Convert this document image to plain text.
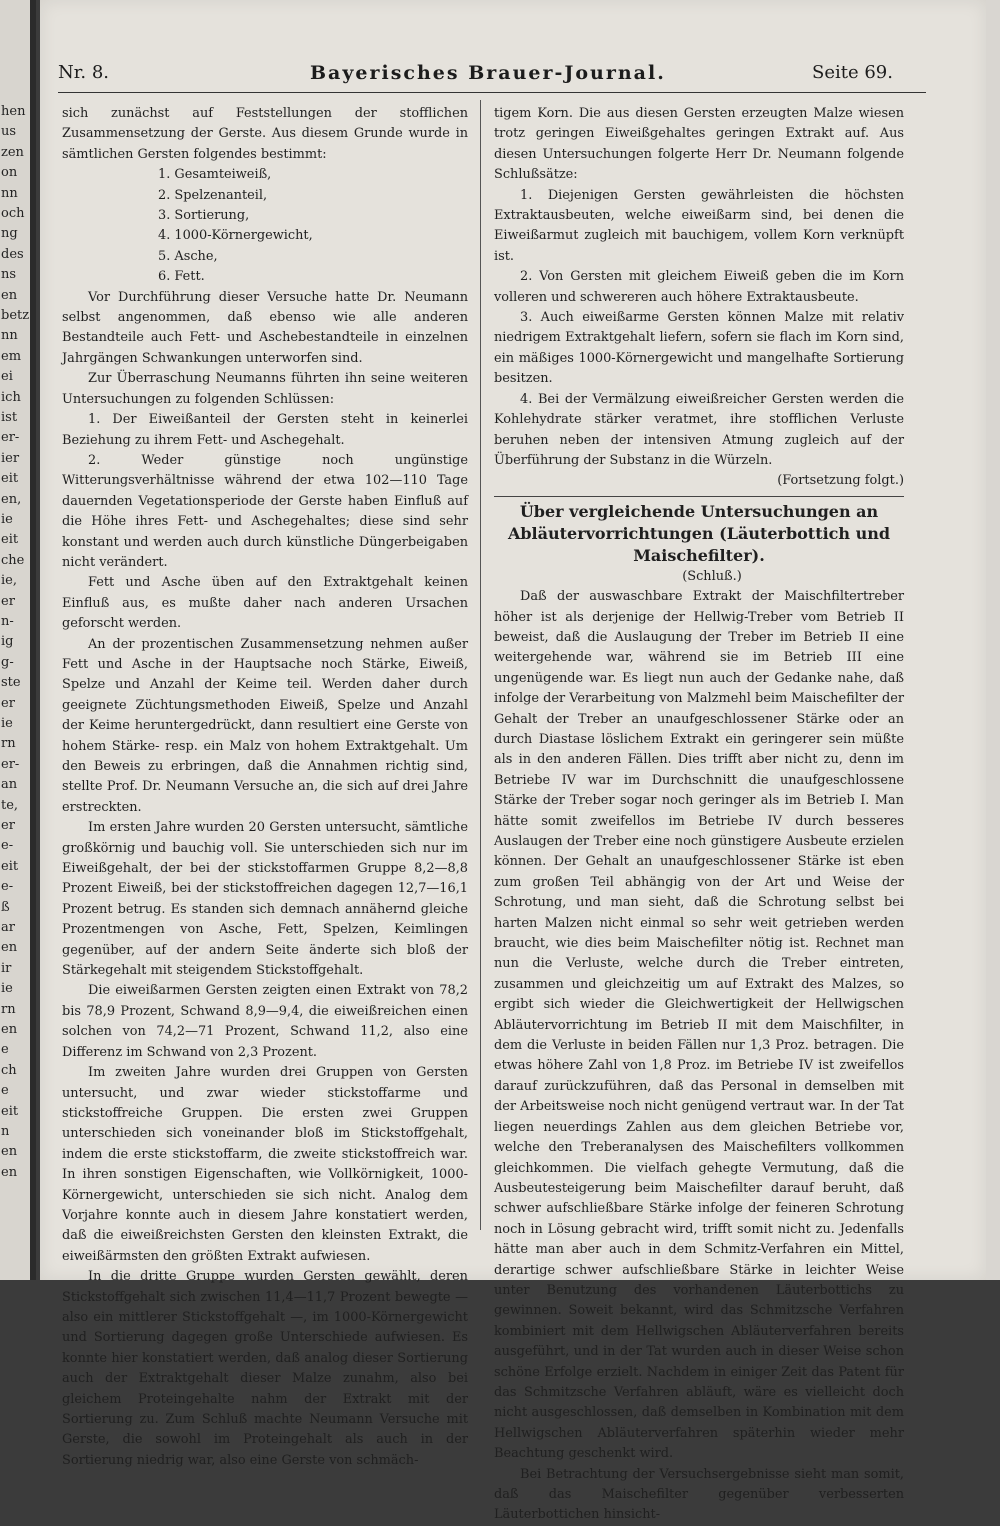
hen
us
zen
on
nn
och
ng
des
ns
en
betz
nn
em
ei
ich
ist
er-
ier
eit
en,
ie
eit
che
ie,
er
n-
ig
g-
ste
er
ie
rn
er-
an
te,
er
e-
eit
e-
ß
ar
en
ir
ie
rn
en
e
ch
e
eit
n
en
en
Nr. 8.	Bayerisches Brauer-Journal.	Seite 69.

sich zunächst auf Feststellungen der stofflichen Zusammensetzung der Gerste. Aus diesem Grunde wurde in sämtlichen Gersten folgendes bestimmt:

1. Gesamteiweiß,

2. Spelzenanteil,

3. Sortierung,

4. 1000-Körnergewicht,

5. Asche,

6. Fett.

Vor Durchführung dieser Versuche hatte Dr. Neumann selbst angenommen, daß ebenso wie alle anderen Bestandteile auch Fett- und Aschebestandteile in einzelnen Jahrgängen Schwankungen unterworfen sind.

Zur Überraschung Neumanns führten ihn seine weiteren Untersuchungen zu folgenden Schlüssen:

1. Der Eiweißanteil der Gersten steht in keinerlei Beziehung zu ihrem Fett- und Aschegehalt.

2. Weder günstige noch ungünstige Witterungsverhältnisse während der etwa 102—110 Tage dauernden Vegetationsperiode der Gerste haben Einfluß auf die Höhe ihres Fett- und Aschegehaltes; diese sind sehr konstant und werden auch durch künstliche Düngerbeigaben nicht verändert.

Fett und Asche üben auf den Extraktgehalt keinen Einfluß aus, es mußte daher nach anderen Ursachen geforscht werden.

An der prozentischen Zusammensetzung nehmen außer Fett und Asche in der Hauptsache noch Stärke, Eiweiß, Spelze und Anzahl der Keime teil. Werden daher durch geeignete Züchtungsmethoden Eiweiß, Spelze und Anzahl der Keime heruntergedrückt, dann resultiert eine Gerste von hohem Stärke- resp. ein Malz von hohem Extraktgehalt. Um den Beweis zu erbringen, daß die Annahmen richtig sind, stellte Prof. Dr. Neumann Versuche an, die sich auf drei Jahre erstreckten.

Im ersten Jahre wurden 20 Gersten untersucht, sämtliche großkörnig und bauchig voll. Sie unterschieden sich nur im Eiweißgehalt, der bei der stickstoffarmen Gruppe 8,2—8,8 Prozent Eiweiß, bei der stickstoffreichen dagegen 12,7—16,1 Prozent betrug. Es standen sich demnach annähernd gleiche Prozentmengen von Asche, Fett, Spelzen, Keimlingen gegenüber, auf der andern Seite änderte sich bloß der Stärkegehalt mit steigendem Stickstoffgehalt.

Die eiweißarmen Gersten zeigten einen Extrakt von 78,2 bis 78,9 Prozent, Schwand 8,9—9,4, die eiweißreichen einen solchen von 74,2—71 Prozent, Schwand 11,2, also eine Differenz im Schwand von 2,3 Prozent.

Im zweiten Jahre wurden drei Gruppen von Gersten untersucht, und zwar wieder stickstoffarme und stickstoffreiche Gruppen. Die ersten zwei Gruppen unterschieden sich voneinander bloß im Stickstoffgehalt, indem die erste stickstoffarm, die zweite stickstoffreich war. In ihren sonstigen Eigenschaften, wie Vollkörnigkeit, 1000-Körnergewicht, unterschieden sie sich nicht. Analog dem Vorjahre konnte auch in diesem Jahre konstatiert werden, daß die eiweißreichsten Gersten den kleinsten Extrakt, die eiweißärmsten den größten Extrakt aufwiesen.

In die dritte Gruppe wurden Gersten gewählt, deren Stickstoffgehalt sich zwischen 11,4—11,7 Prozent bewegte — also ein mittlerer Stickstoffgehalt —, im 1000-Körnergewicht und Sortierung dagegen große Unterschiede aufwiesen. Es konnte hier konstatiert werden, daß analog dieser Sortierung auch der Extraktgehalt dieser Malze zunahm, also bei gleichem Proteingehalte nahm der Extrakt mit der Sortierung zu. Zum Schluß machte Neumann Versuche mit Gerste, die sowohl im Proteingehalt als auch in der Sortierung niedrig war, also eine Gerste von schmäch-

tigem Korn. Die aus diesen Gersten erzeugten Malze wiesen trotz geringen Eiweißgehaltes geringen Extrakt auf. Aus diesen Untersuchungen folgerte Herr Dr. Neumann folgende Schlußsätze:

1. Diejenigen Gersten gewährleisten die höchsten Extraktausbeuten, welche eiweißarm sind, bei denen die Eiweißarmut zugleich mit bauchigem, vollem Korn verknüpft ist.

2. Von Gersten mit gleichem Eiweiß geben die im Korn volleren und schwereren auch höhere Extraktausbeute.

3. Auch eiweißarme Gersten können Malze mit relativ niedrigem Extraktgehalt liefern, sofern sie flach im Korn sind, ein mäßiges 1000-Körnergewicht und mangelhafte Sortierung besitzen.

4. Bei der Vermälzung eiweißreicher Gersten werden die Kohlehydrate stärker veratmet, ihre stofflichen Verluste beruhen neben der intensiven Atmung zugleich auf der Überführung der Substanz in die Würzeln.

(Fortsetzung folgt.)

Über vergleichende Untersuchungen an Abläutervorrichtungen (Läuterbottich und Maischefilter).

(Schluß.)

Daß der auswaschbare Extrakt der Maischfiltertreber höher ist als derjenige der Hellwig-Treber vom Betrieb II beweist, daß die Auslaugung der Treber im Betrieb II eine weitergehende war, während sie im Betrieb III eine ungenügende war. Es liegt nun auch der Gedanke nahe, daß infolge der Verarbeitung von Malzmehl beim Maischefilter der Gehalt der Treber an unaufgeschlossener Stärke oder an durch Diastase löslichem Extrakt ein geringerer sein müßte als in den anderen Fällen. Dies trifft aber nicht zu, denn im Betriebe IV war im Durchschnitt die unaufgeschlossene Stärke der Treber sogar noch geringer als im Betrieb I. Man hätte somit zweifellos im Betriebe IV durch besseres Auslaugen der Treber eine noch günstigere Ausbeute erzielen können. Der Gehalt an unaufgeschlossener Stärke ist eben zum großen Teil abhängig von der Art und Weise der Schrotung, und man sieht, daß die Schrotung selbst bei harten Malzen nicht einmal so sehr weit getrieben werden braucht, wie dies beim Maischefilter nötig ist. Rechnet man nun die Verluste, welche durch die Treber eintreten, zusammen und gleichzeitig um auf Extrakt des Malzes, so ergibt sich wieder die Gleichwertigkeit der Hellwigschen Abläutervorrichtung im Betrieb II mit dem Maischfilter, in dem die Verluste in beiden Fällen nur 1,3 Proz. betragen. Die etwas höhere Zahl von 1,8 Proz. im Betriebe IV ist zweifellos darauf zurückzuführen, daß das Personal in demselben mit der Arbeitsweise noch nicht genügend vertraut war. In der Tat liegen neuerdings Zahlen aus dem gleichen Betriebe vor, welche den Treberanalysen des Maischefilters vollkommen gleichkommen. Die vielfach gehegte Vermutung, daß die Ausbeutesteigerung beim Maischefilter darauf beruht, daß schwer aufschließbare Stärke infolge der feineren Schrotung noch in Lösung gebracht wird, trifft somit nicht zu. Jedenfalls hätte man aber auch in dem Schmitz-Verfahren ein Mittel, derartige schwer aufschließbare Stärke in leichter Weise unter Benutzung des vorhandenen Läuterbottichs zu gewinnen. Soweit bekannt, wird das Schmitzsche Verfahren kombiniert mit dem Hellwigschen Abläuterverfahren bereits ausgeführt, und in der Tat wurden auch in dieser Weise schon schöne Erfolge erzielt. Nachdem in einiger Zeit das Patent für das Schmitzsche Verfahren abläuft, wäre es vielleicht doch nicht ausgeschlossen, daß demselben in Kombination mit dem Hellwigschen Abläuterverfahren späterhin wieder mehr Beachtung geschenkt wird.

Bei Betrachtung der Versuchsergebnisse sieht man somit, daß das Maischefilter gegenüber verbesserten Läuterbottichen hinsicht-
